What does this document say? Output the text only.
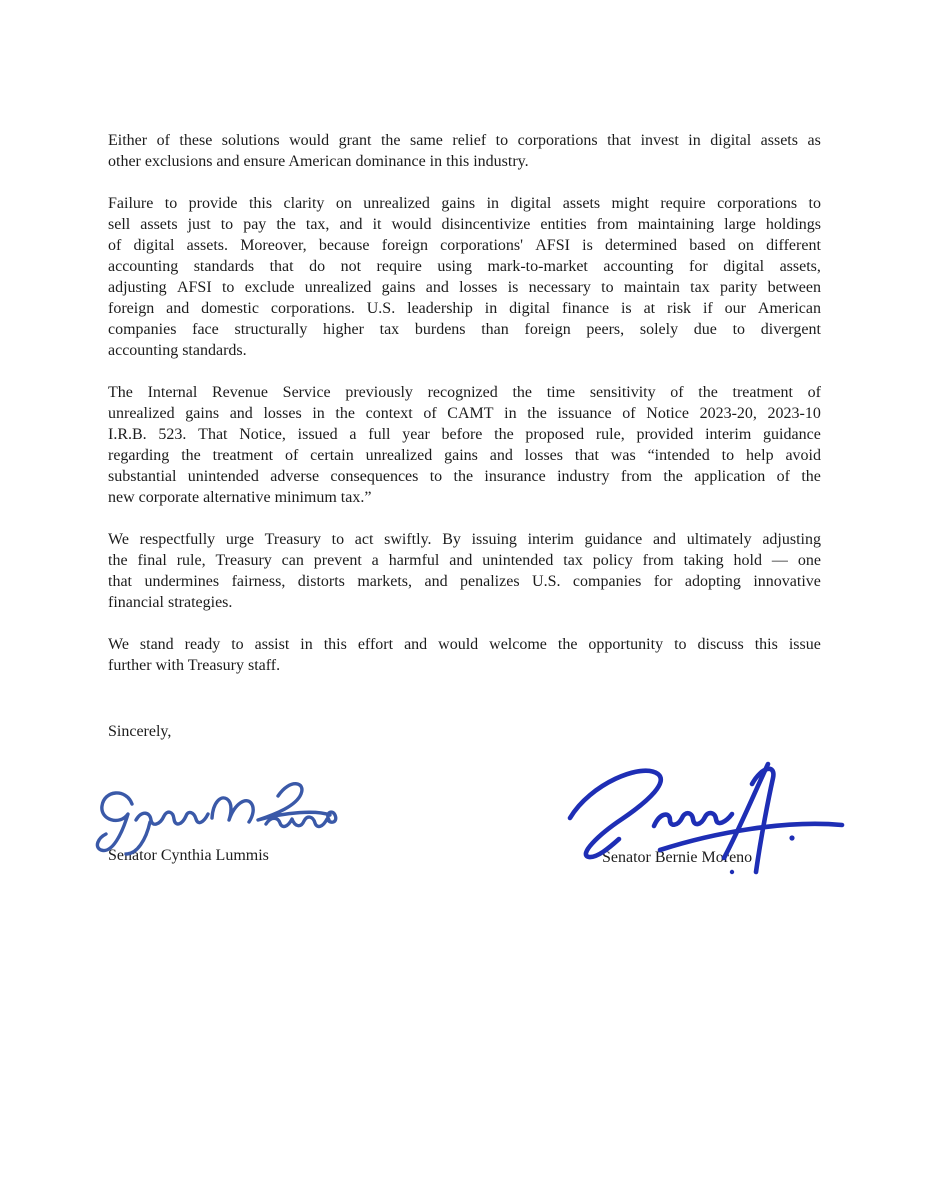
Either of these solutions would grant the same relief to corporations that invest in digital assets as
other exclusions and ensure American dominance in this industry.
Failure to provide this clarity on unrealized gains in digital assets might require corporations to
sell assets just to pay the tax, and it would disincentivize entities from maintaining large holdings
of digital assets. Moreover, because foreign corporations' AFSI is determined based on different
accounting standards that do not require using mark-to-market accounting for digital assets,
adjusting AFSI to exclude unrealized gains and losses is necessary to maintain tax parity between
foreign and domestic corporations. U.S. leadership in digital finance is at risk if our American
companies face structurally higher tax burdens than foreign peers, solely due to divergent
accounting standards.
The Internal Revenue Service previously recognized the time sensitivity of the treatment of
unrealized gains and losses in the context of CAMT in the issuance of Notice 2023-20, 2023-10
I.R.B. 523. That Notice, issued a full year before the proposed rule, provided interim guidance
regarding the treatment of certain unrealized gains and losses that was “intended to help avoid
substantial unintended adverse consequences to the insurance industry from the application of the
new corporate alternative minimum tax.”
We respectfully urge Treasury to act swiftly. By issuing interim guidance and ultimately adjusting
the final rule, Treasury can prevent a harmful and unintended tax policy from taking hold — one
that undermines fairness, distorts markets, and penalizes U.S. companies for adopting innovative
financial strategies.
We stand ready to assist in this effort and would welcome the opportunity to discuss this issue
further with Treasury staff.
Sincerely,
Senator Cynthia Lummis	Senator Bernie Moreno
